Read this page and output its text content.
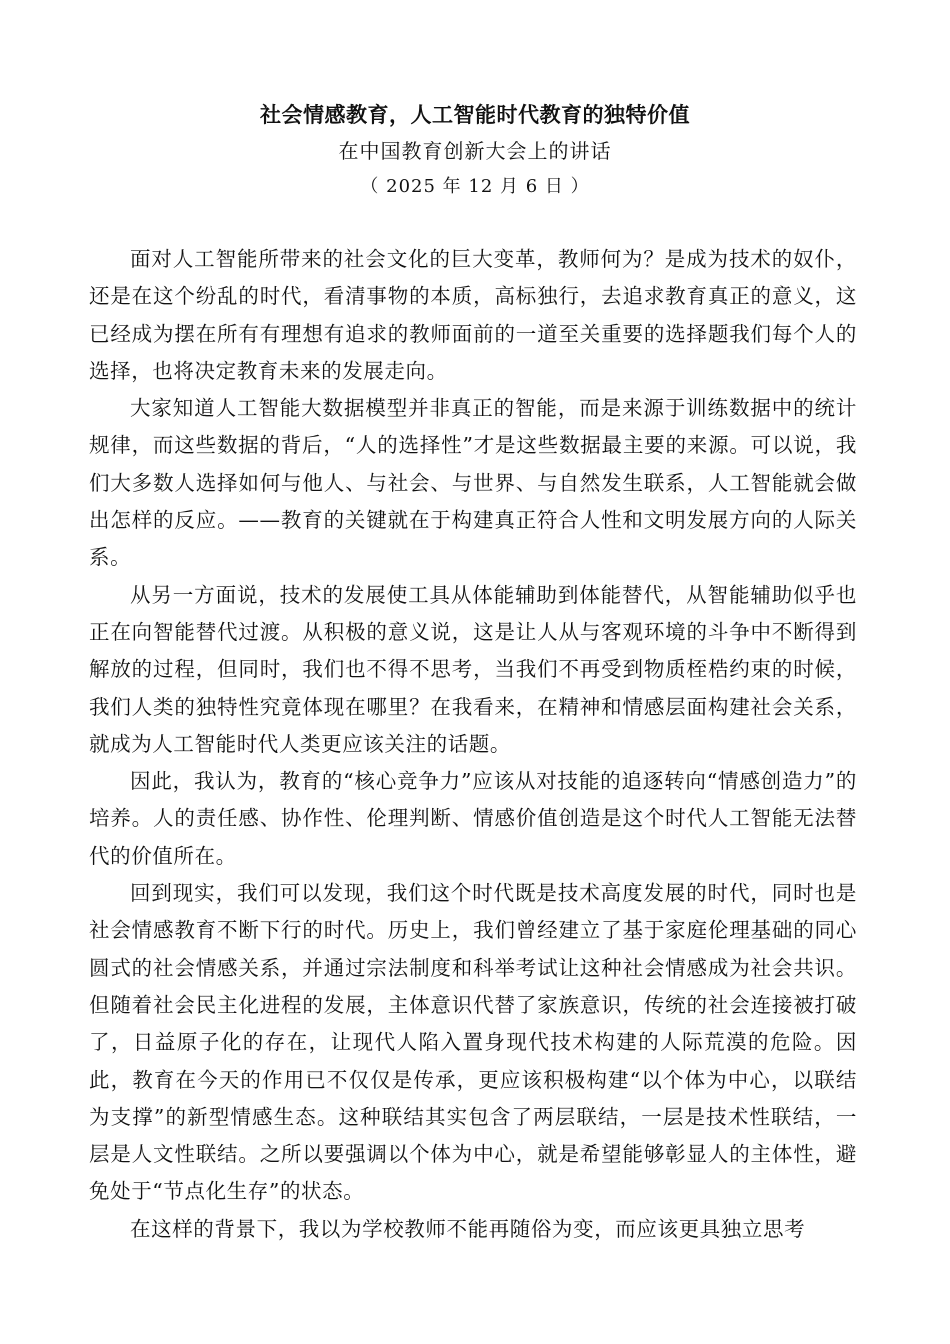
社会情感教育，人工智能时代教育的独特价值
在中国教育创新大会上的讲话
（ 2025 年 12 月 6 日 ）

面对人工智能所带来的社会文化的巨大变革，教师何为？是成为技术的奴仆，还是在这个纷乱的时代，看清事物的本质，高标独行，去追求教育真正的意义，这已经成为摆在所有有理想有追求的教师面前的一道至关重要的选择题我们每个人的选择，也将决定教育未来的发展走向。

大家知道人工智能大数据模型并非真正的智能，而是来源于训练数据中的统计规律，而这些数据的背后，“人的选择性”才是这些数据最主要的来源。可以说，我们大多数人选择如何与他人、与社会、与世界、与自然发生联系，人工智能就会做出怎样的反应。——教育的关键就在于构建真正符合人性和文明发展方向的人际关系。

从另一方面说，技术的发展使工具从体能辅助到体能替代，从智能辅助似乎也正在向智能替代过渡。从积极的意义说，这是让人从与客观环境的斗争中不断得到解放的过程，但同时，我们也不得不思考，当我们不再受到物质桎梏约束的时候，我们人类的独特性究竟体现在哪里？在我看来，在精神和情感层面构建社会关系，就成为人工智能时代人类更应该关注的话题。

因此，我认为，教育的“核心竞争力”应该从对技能的追逐转向“情感创造力”的培养。人的责任感、协作性、伦理判断、情感价值创造是这个时代人工智能无法替代的价值所在。

回到现实，我们可以发现，我们这个时代既是技术高度发展的时代，同时也是社会情感教育不断下行的时代。历史上，我们曾经建立了基于家庭伦理基础的同心圆式的社会情感关系，并通过宗法制度和科举考试让这种社会情感成为社会共识。但随着社会民主化进程的发展，主体意识代替了家族意识，传统的社会连接被打破了，日益原子化的存在，让现代人陷入置身现代技术构建的人际荒漠的危险。因此，教育在今天的作用已不仅仅是传承，更应该积极构建“以个体为中心，以联结为支撑”的新型情感生态。这种联结其实包含了两层联结，一层是技术性联结，一层是人文性联结。之所以要强调以个体为中心，就是希望能够彰显人的主体性，避免处于“节点化生存”的状态。

在这样的背景下，我以为学校教师不能再随俗为变，而应该更具独立思考
